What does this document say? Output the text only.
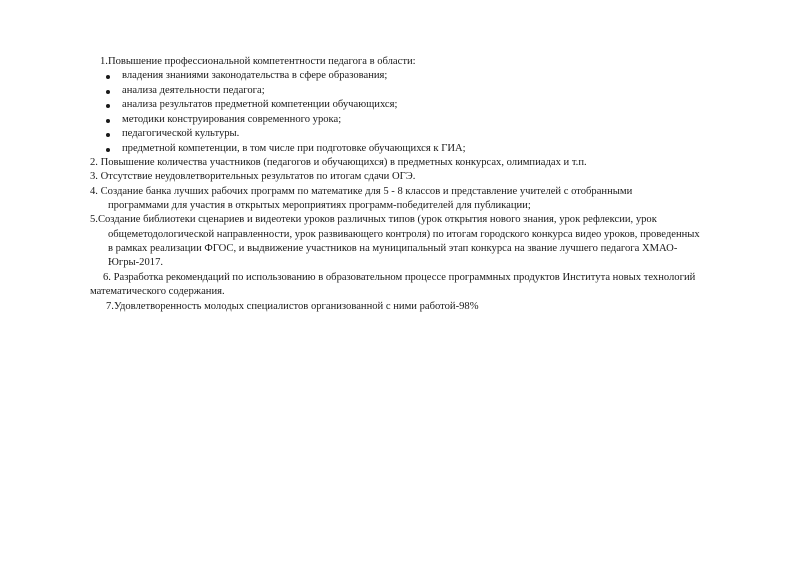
1.Повышение профессиональной компетентности педагога в области:
владения знаниями законодательства в сфере образования;
анализа деятельности педагога;
анализа результатов предметной компетенции обучающихся;
методики конструирования современного урока;
педагогической культуры.
предметной компетенции, в том числе при подготовке обучающихся к ГИА;
2. Повышение количества участников (педагогов и обучающихся) в предметных конкурсах, олимпиадах и т.п.
3. Отсутствие неудовлетворительных результатов по итогам сдачи ОГЭ.
4. Создание банка лучших рабочих программ по математике для 5 - 8 классов и представление учителей с отобранными
программами для участия в открытых мероприятиях программ-победителей для публикации;
5.Создание библиотеки сценариев и видеотеки уроков различных типов (урок открытия нового знания, урок рефлексии, урок
общеметодологической направленности, урок развивающего контроля) по итогам городского конкурса видео уроков, проведенных
в рамках реализации ФГОС, и выдвижение участников на муниципальный этап конкурса на звание лучшего педагога ХМАО-
Югры-2017.
6. Разработка рекомендаций по использованию в образовательном процессе программных продуктов Института новых технологий
математического содержания.
7.Удовлетворенность молодых специалистов организованной с ними работой-98%
